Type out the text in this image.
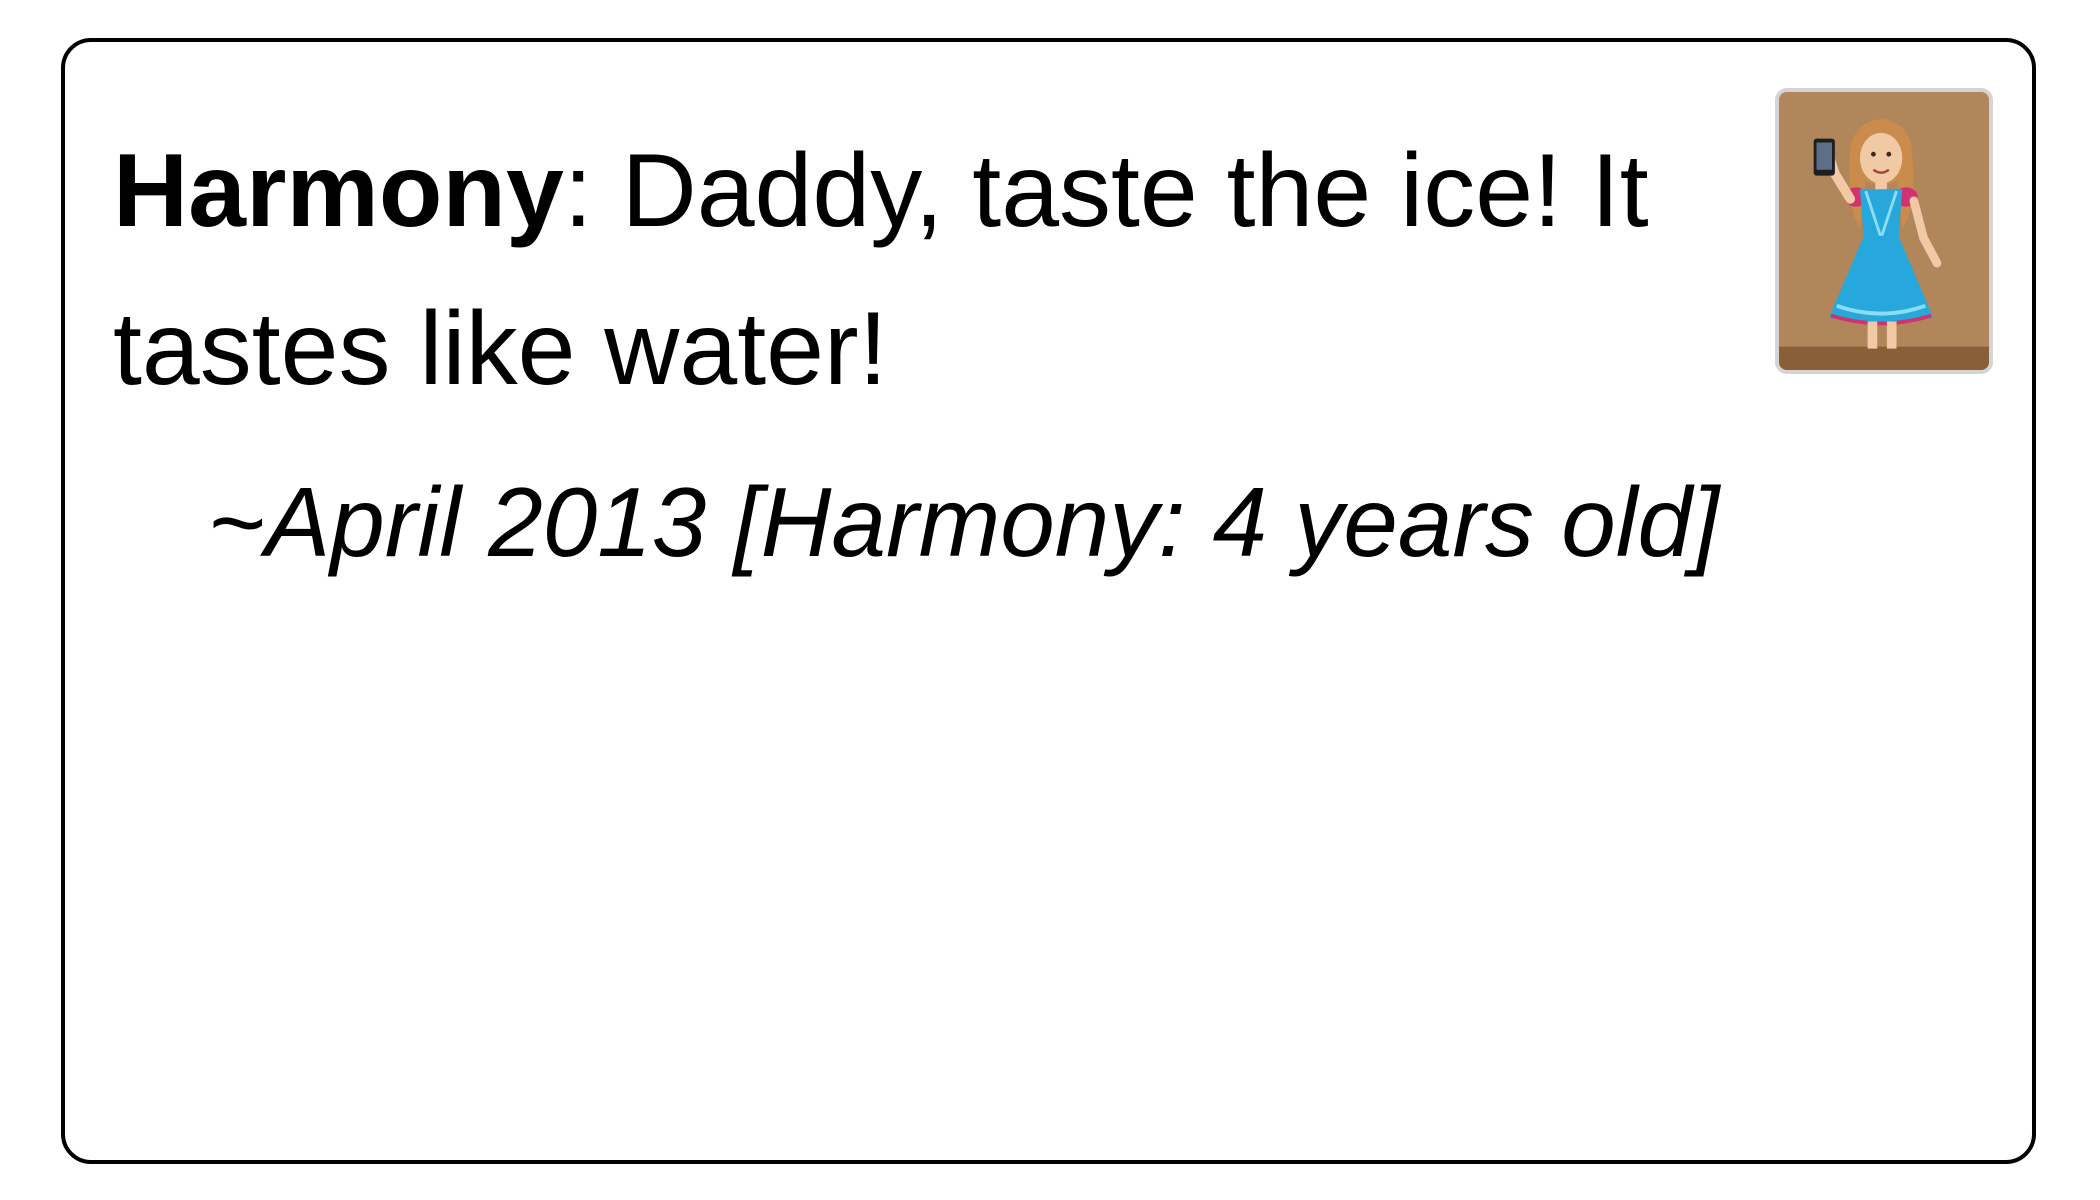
Harmony: Daddy, taste the ice! It tastes like water!

~April 2013 [Harmony: 4 years old]
